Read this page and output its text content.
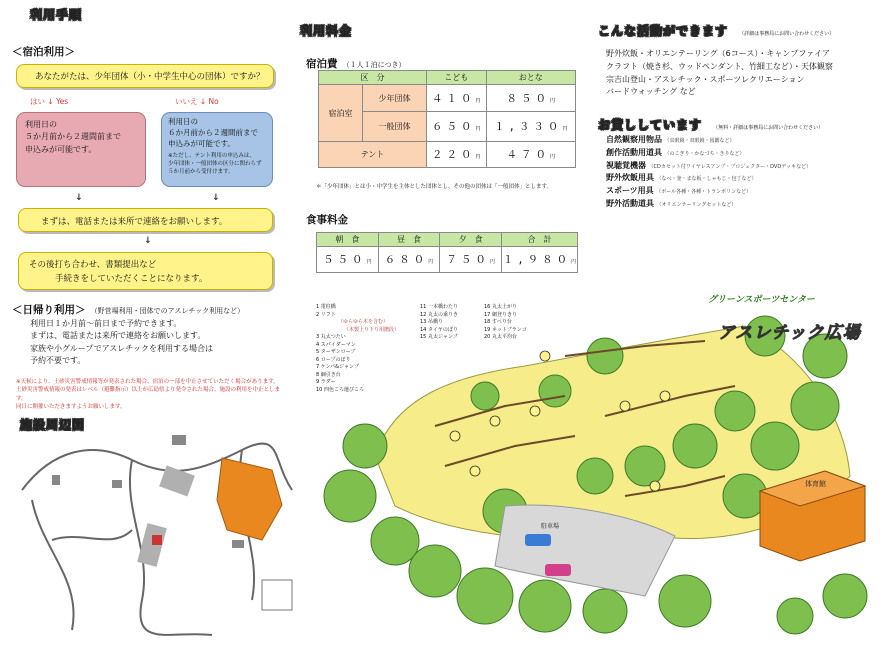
利用手順
＜宿泊利用＞
あなたがたは、少年団体（小・中学生中心の団体）ですか？
はい ↓ Yes	いいえ ↓ No
利用日の
５か月前から２週間前まで
申込みが可能です。
利用日の
６か月前から２週間前まで
申込みが可能です。
※ただし、テント利用の申込みは、
少年団体・一般団体の区分に関わらず
５か月前から受付けます。
↓	↓
まずは、電話または来所で連絡をお願いします。
↓
その後打ち合わせ、書類提出など
手続きをしていただくことになります。
＜日帰り利用＞ （野営場利用・団体でのアスレチック利用など）
利用日１か月前～前日まで予約できます。
まずは、電話または来所で連絡をお願いします。
家族や小グループでアスレチックを利用する場合は
予約不要です。
※天候により、土砂災害警戒情報等が発表された場合、宿泊の一部を中止させていただく場合があります。
土砂災害警戒情報の発表はレベル（避難指示）以上が広島県より発令された場合、施設の利用を中止とします。
同日に開催いただきますようお願いします。
施設周辺図
利用料金
宿泊費 （１人１泊につき）
区　分		こども	おとな
宿泊室	少年団体	４１０円	８５０円
	一般団体	６５０円	１,３３０円
テント		２２０円	４７０円
＊「少年団体」とは小・中学生を主体とした団体とし、その他の団体は「一般団体」とします。
食事料金
朝　食	昼　食	夕　食	合　計
５５０円	６８０円	７５０円	１,９８０円
こんな活動ができます （詳細は事務局にお問い合わせください）
野外炊飯・オリエンテーリング（6コース）・キャンプファイア
クラフト（焼き杉、ウッドペンダント、竹細工など）・天体観察
宗吉山登山・アスレチック・スポーツレクリエーション
バードウォッチング など
お貸ししています （無料・詳細は事務局にお問い合わせください）
自然観察用物品 （虫眼鏡・双眼鏡・図鑑など）
創作活動用道具 （のこぎり・かなづち・きりなど）
視聴覚機器 （CDカセット付ワイヤレスアンプ・プロジェクター・DVDデッキなど）
野外炊飯用具 （なべ・釜・まな板・しゃもじ・包丁など）
スポーツ用具 （ボール各種・各種・トランポリンなど）
野外活動道具 （オリエンテーリングセットなど）
駐車場
体育館
グリーンスポーツセンター
アスレチック広場
1 電柱橋
2 リフト
（ゆらゆら木を含む）
（木製上り下り用階段）
3 丸太つたい
4 スパイダーマン
5 ターザンロープ
6 ロープのぼり
7 ケンパ&ジャンプ
8 綱引き台
9 ラダー
10 四色ころ運びころ
11 一本橋わたり
12 丸太の乗りき
13 吊橋り
14 タイヤのぼり
15 丸太ジャンプ
16 丸太上がり
17 網登りきり
18 すべり台
19 ネットブランコ
20 丸太平均台
